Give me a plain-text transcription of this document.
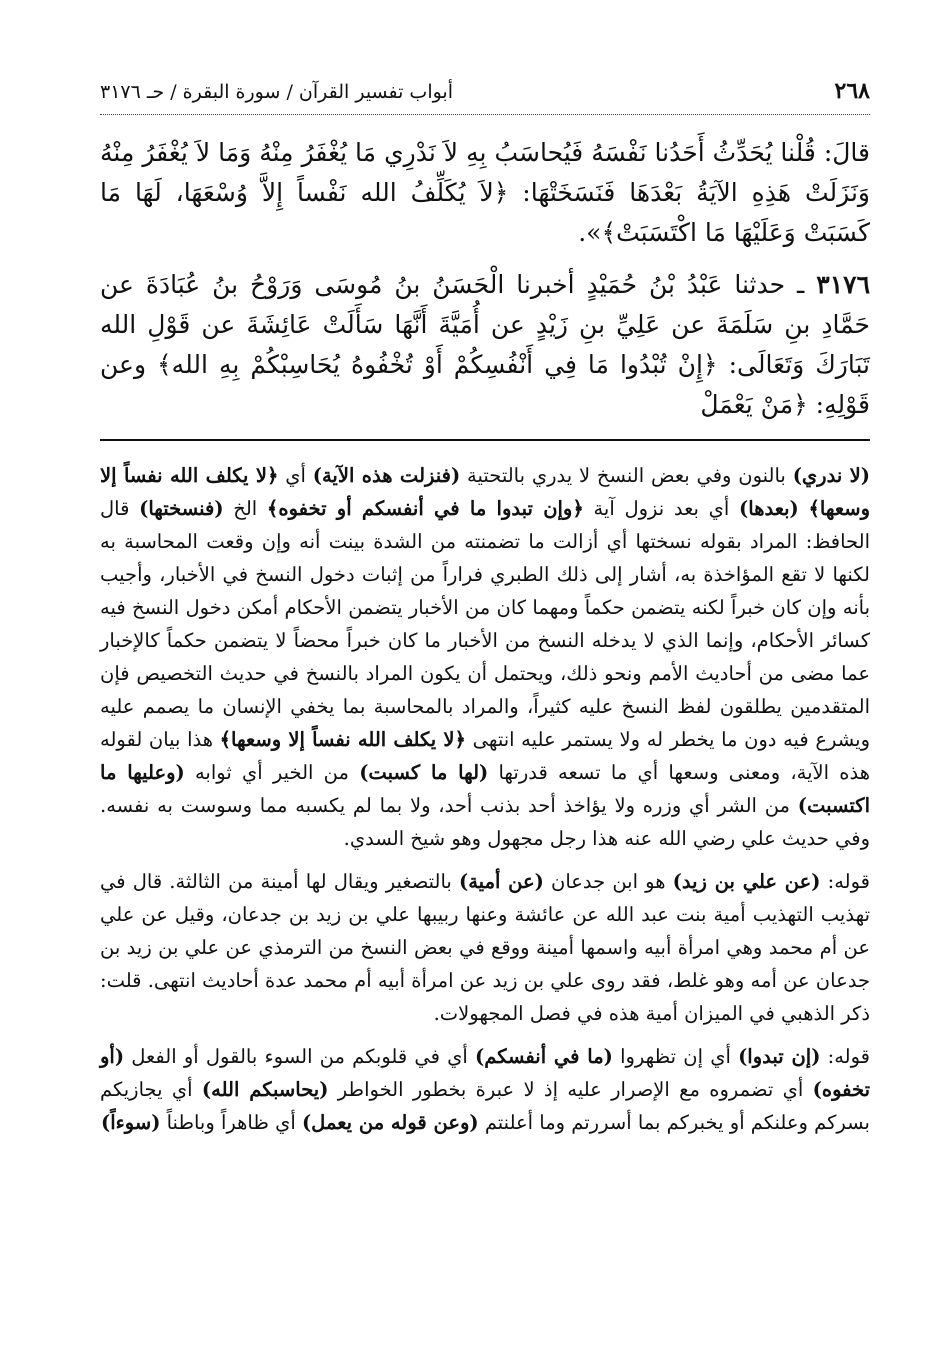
٢٦٨
أبواب تفسير القرآن / سورة البقرة / حـ ٣١٧٦

قالَ: قُلْنا يُحَدِّثُ أَحَدُنا نَفْسَهُ فَيُحاسَبُ بِهِ لاَ نَدْرِي مَا يُغْفَرُ مِنْهُ وَمَا لاَ يُغْفَرُ مِنْهُ وَنَزَلَتْ هَذِهِ الآيَةُ بَعْدَهَا فَنَسَخَتْهَا: ﴿لاَ يُكَلِّفُ الله نَفْساً إِلاَّ وُسْعَهَا، لَهَا مَا كَسَبَتْ وَعَلَيْهَا مَا اكْتَسَبَتْ﴾».

٣١٧٦ ـ حدثنا عَبْدُ بْنُ حُمَيْدٍ أخبرنا الْحَسَنُ بنُ مُوسَى وَرَوْحُ بنُ عُبَادَةَ عن حَمَّادِ بنِ سَلَمَةَ عن عَلِيِّ بنِ زَيْدٍ عن أُمَيَّةَ أَنَّهَا سَأَلَتْ عَائِشَةَ عن قَوْلِ الله تَبَارَكَ وَتَعَالَى: ﴿إِنْ تُبْدُوا مَا فِي أَنْفُسِكُمْ أَوْ تُخْفُوهُ يُحَاسِبْكُمْ بِهِ الله﴾ وعن قَوْلِهِ: ﴿مَنْ يَعْمَلْ

(لا ندري) بالنون وفي بعض النسخ لا يدري بالتحتية (فنزلت هذه الآية) أي ﴿لا يكلف الله نفساً إلا وسعها﴾ (بعدها) أي بعد نزول آية ﴿وإن تبدوا ما في أنفسكم أو تخفوه﴾ الخ (فنسختها) قال الحافظ: المراد بقوله نسختها أي أزالت ما تضمنته من الشدة بينت أنه وإن وقعت المحاسبة به لكنها لا تقع المؤاخذة به، أشار إلى ذلك الطبري فراراً من إثبات دخول النسخ في الأخبار، وأجيب بأنه وإن كان خبراً لكنه يتضمن حكماً ومهما كان من الأخبار يتضمن الأحكام أمكن دخول النسخ فيه كسائر الأحكام، وإنما الذي لا يدخله النسخ من الأخبار ما كان خبراً محضاً لا يتضمن حكماً كالإخبار عما مضى من أحاديث الأمم ونحو ذلك، ويحتمل أن يكون المراد بالنسخ في حديث التخصيص فإن المتقدمين يطلقون لفظ النسخ عليه كثيراً، والمراد بالمحاسبة بما يخفي الإنسان ما يصمم عليه ويشرع فيه دون ما يخطر له ولا يستمر عليه انتهى ﴿لا يكلف الله نفساً إلا وسعها﴾ هذا بيان لقوله هذه الآية، ومعنى وسعها أي ما تسعه قدرتها (لها ما كسبت) من الخير أي ثوابه (وعليها ما اكتسبت) من الشر أي وزره ولا يؤاخذ أحد بذنب أحد، ولا بما لم يكسبه مما وسوست به نفسه. وفي حديث علي رضي الله عنه هذا رجل مجهول وهو شيخ السدي.

قوله: (عن علي بن زيد) هو ابن جدعان (عن أمية) بالتصغير ويقال لها أمينة من الثالثة. قال في تهذيب التهذيب أمية بنت عبد الله عن عائشة وعنها ربيبها علي بن زيد بن جدعان، وقيل عن علي عن أم محمد وهي امرأة أبيه واسمها أمينة ووقع في بعض النسخ من الترمذي عن علي بن زيد بن جدعان عن أمه وهو غلط، فقد روى علي بن زيد عن امرأة أبيه أم محمد عدة أحاديث انتهى. قلت: ذكر الذهبي في الميزان أمية هذه في فصل المجهولات.

قوله: (إن تبدوا) أي إن تظهروا (ما في أنفسكم) أي في قلوبكم من السوء بالقول أو الفعل (أو تخفوه) أي تضمروه مع الإصرار عليه إذ لا عبرة بخطور الخواطر (يحاسبكم الله) أي يجازيكم بسركم وعلنكم أو يخبركم بما أسررتم وما أعلنتم (وعن قوله من يعمل) أي ظاهراً وباطناً (سوءاً)
